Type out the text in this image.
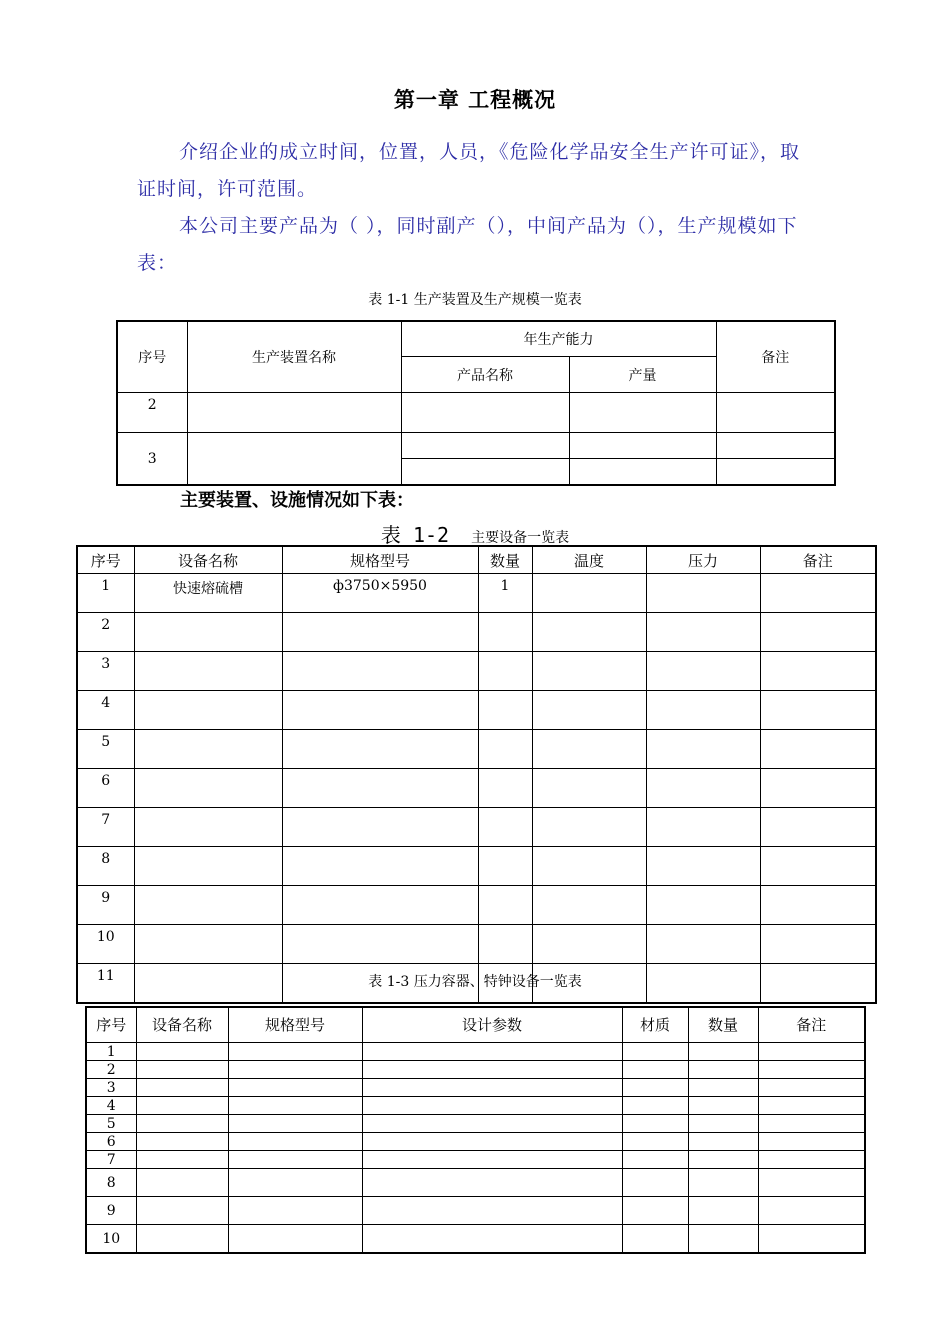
第一章 工程概况
介绍企业的成立时间，位置，人员，《危险化学品安全生产许可证》，取证时间，许可范围。
本公司主要产品为（ ），同时副产（），中间产品为（），生产规模如下表：
表 1-1 生产装置及生产规模一览表
序号	生产装置名称	年生产能力		备注
		产品名称	产量	
2				
3				

主要装置、设施情况如下表：
表 1-2 主要设备一览表
序号	设备名称	规格型号	数量	温度	压力	备注
1	快速熔硫槽	ф3750×5950	1			
2						
3						
4						
5						
6						
7						
8						
9						
10						
11							表 1-3 压力容器、特钟设备一览表
序号	设备名称	规格型号	设计参数	材质	数量	备注
1						
2						
3						
4						
5						
6						
7						
8						
9						
10						
